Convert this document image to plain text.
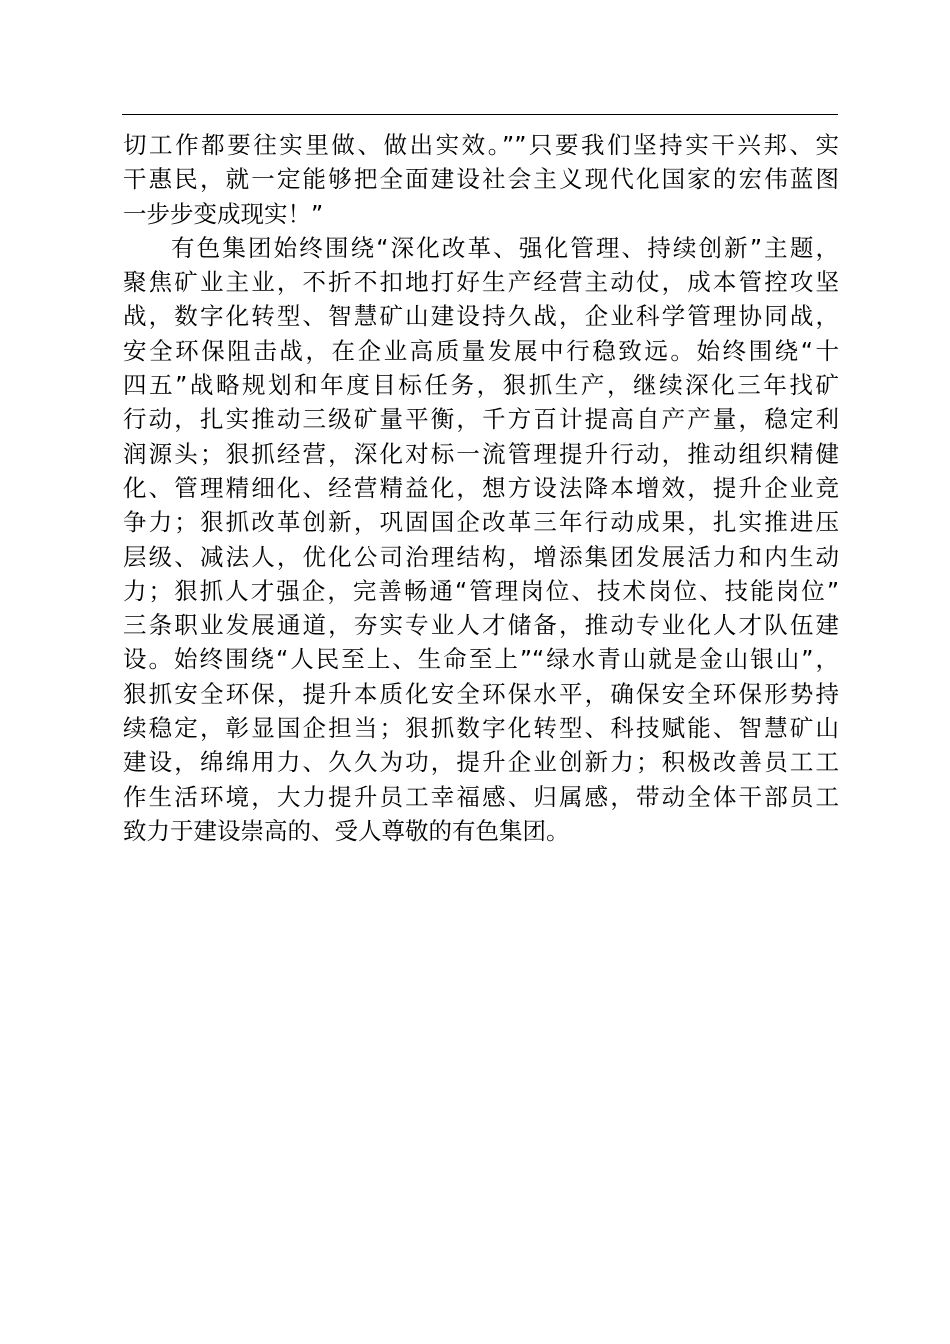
切工作都要往实里做、做出实效。””只要我们坚持实干兴邦、实
干惠民，就一定能够把全面建设社会主义现代化国家的宏伟蓝图
一步步变成现实！”
有色集团始终围绕“深化改革、强化管理、持续创新”主题，
聚焦矿业主业，不折不扣地打好生产经营主动仗，成本管控攻坚
战，数字化转型、智慧矿山建设持久战，企业科学管理协同战，
安全环保阻击战，在企业高质量发展中行稳致远。始终围绕“十
四五”战略规划和年度目标任务，狠抓生产，继续深化三年找矿
行动，扎实推动三级矿量平衡，千方百计提高自产产量，稳定利
润源头；狠抓经营，深化对标一流管理提升行动，推动组织精健
化、管理精细化、经营精益化，想方设法降本增效，提升企业竞
争力；狠抓改革创新，巩固国企改革三年行动成果，扎实推进压
层级、减法人，优化公司治理结构，增添集团发展活力和内生动
力；狠抓人才强企，完善畅通“管理岗位、技术岗位、技能岗位”
三条职业发展通道，夯实专业人才储备，推动专业化人才队伍建
设。始终围绕“人民至上、生命至上”“绿水青山就是金山银山”，
狠抓安全环保，提升本质化安全环保水平，确保安全环保形势持
续稳定，彰显国企担当；狠抓数字化转型、科技赋能、智慧矿山
建设，绵绵用力、久久为功，提升企业创新力；积极改善员工工
作生活环境，大力提升员工幸福感、归属感，带动全体干部员工
致力于建设崇高的、受人尊敬的有色集团。
